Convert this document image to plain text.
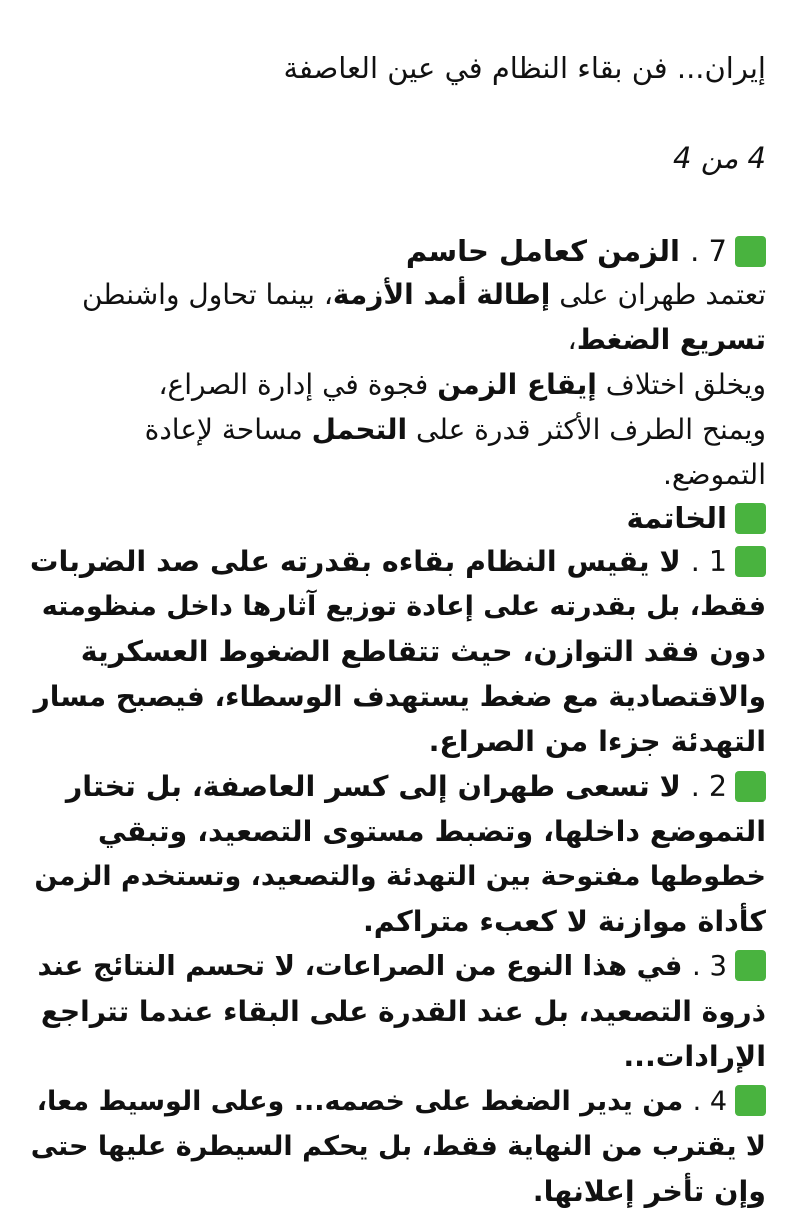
إيران... فن بقاء النظام في عين العاصفة
4 من 4

7 . الزمن كعامل حاسم

تعتمد طهران على إطالة أمد الأزمة، بينما تحاول واشنطن

تسريع الضغط،

ويخلق اختلاف إيقاع الزمن فجوة في إدارة الصراع،

ويمنح الطرف الأكثر قدرة على التحمل مساحة لإعادة

التموضع.

الخاتمة

1 . لا يقيس النظام بقاءه بقدرته على صد الضربات

فقط، بل بقدرته على إعادة توزيع آثارها داخل منظومته

دون فقد التوازن، حيث تتقاطع الضغوط العسكرية

والاقتصادية مع ضغط يستهدف الوسطاء، فيصبح مسار

التهدئة جزءا من الصراع.

2 . لا تسعى طهران إلى كسر العاصفة، بل تختار

التموضع داخلها، وتضبط مستوى التصعيد، وتبقي

خطوطها مفتوحة بين التهدئة والتصعيد، وتستخدم الزمن

كأداة موازنة لا كعبء متراكم.

3 . في هذا النوع من الصراعات، لا تحسم النتائج عند

ذروة التصعيد، بل عند القدرة على البقاء عندما تتراجع

الإرادات...

4 . من يدير الضغط على خصمه... وعلى الوسيط معا،

لا يقترب من النهاية فقط، بل يحكم السيطرة عليها حتى

وإن تأخر إعلانها.
